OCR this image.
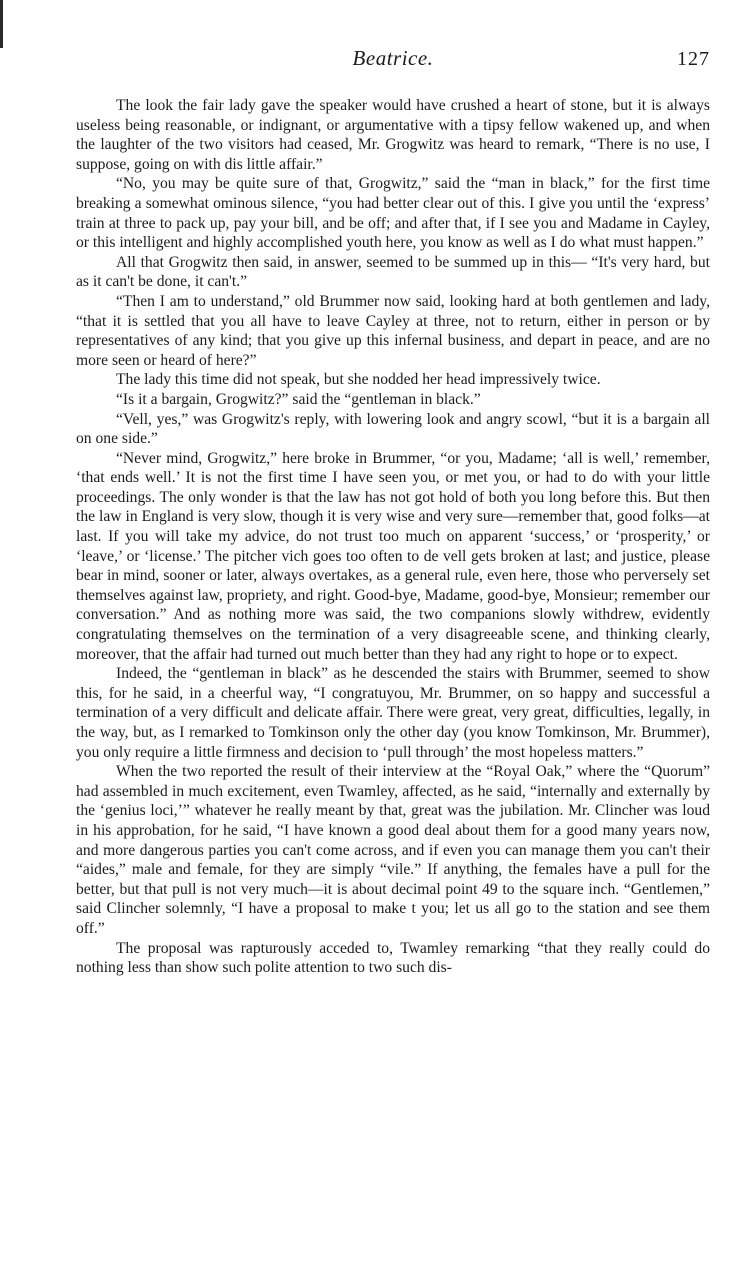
Beatrice.	127

The look the fair lady gave the speaker would have crushed a heart of stone, but it is always useless being reasonable, or indignant, or argumentative with a tipsy fellow wakened up, and when the laughter of the two visitors had ceased, Mr. Grogwitz was heard to remark, “There is no use, I suppose, going on with dis little affair.”

“No, you may be quite sure of that, Grogwitz,” said the “man in black,” for the first time breaking a somewhat ominous silence, “you had better clear out of this. I give you until the ‘express’ train at three to pack up, pay your bill, and be off; and after that, if I see you and Madame in Cayley, or this intelligent and highly accomplished youth here, you know as well as I do what must happen.”

All that Grogwitz then said, in answer, seemed to be summed up in this— “It's very hard, but as it can't be done, it can't.”

“Then I am to understand,” old Brummer now said, looking hard at both gentlemen and lady, “that it is settled that you all have to leave Cayley at three, not to return, either in person or by representatives of any kind; that you give up this infernal business, and depart in peace, and are no more seen or heard of here?”

The lady this time did not speak, but she nodded her head impressively twice.

“Is it a bargain, Grogwitz?” said the “gentleman in black.”

“Vell, yes,” was Grogwitz's reply, with lowering look and angry scowl, “but it is a bargain all on one side.”

“Never mind, Grogwitz,” here broke in Brummer, “or you, Madame; ‘all is well,’ remember, ‘that ends well.’ It is not the first time I have seen you, or met you, or had to do with your little proceedings. The only wonder is that the law has not got hold of both you long before this. But then the law in England is very slow, though it is very wise and very sure—remember that, good folks—at last. If you will take my advice, do not trust too much on apparent ‘success,’ or ‘prosperity,’ or ‘leave,’ or ‘license.’ The pitcher vich goes too often to de vell gets broken at last; and justice, please bear in mind, sooner or later, always overtakes, as a general rule, even here, those who perversely set themselves against law, propriety, and right. Good-bye, Madame, good-bye, Monsieur; remember our conversation.” And as nothing more was said, the two companions slowly withdrew, evidently congratulating themselves on the termination of a very disagreeable scene, and thinking clearly, moreover, that the affair had turned out much better than they had any right to hope or to expect.

Indeed, the “gentleman in black” as he descended the stairs with Brummer, seemed to show this, for he said, in a cheerful way, “I congratuyou, Mr. Brummer, on so happy and successful a termination of a very difficult and delicate affair. There were great, very great, difficulties, legally, in the way, but, as I remarked to Tomkinson only the other day (you know Tomkinson, Mr. Brummer), you only require a little firmness and decision to ‘pull through’ the most hopeless matters.”

When the two reported the result of their interview at the “Royal Oak,” where the “Quorum” had assembled in much excitement, even Twamley, affected, as he said, “internally and externally by the ‘genius loci,’” whatever he really meant by that, great was the jubilation. Mr. Clincher was loud in his approbation, for he said, “I have known a good deal about them for a good many years now, and more dangerous parties you can't come across, and if even you can manage them you can't their “aides,” male and female, for they are simply “vile.” If anything, the females have a pull for the better, but that pull is not very much—it is about decimal point 49 to the square inch. “Gentlemen,” said Clincher solemnly, “I have a proposal to make t you; let us all go to the station and see them off.”

The proposal was rapturously acceded to, Twamley remarking “that they really could do nothing less than show such polite attention to two such dis-
